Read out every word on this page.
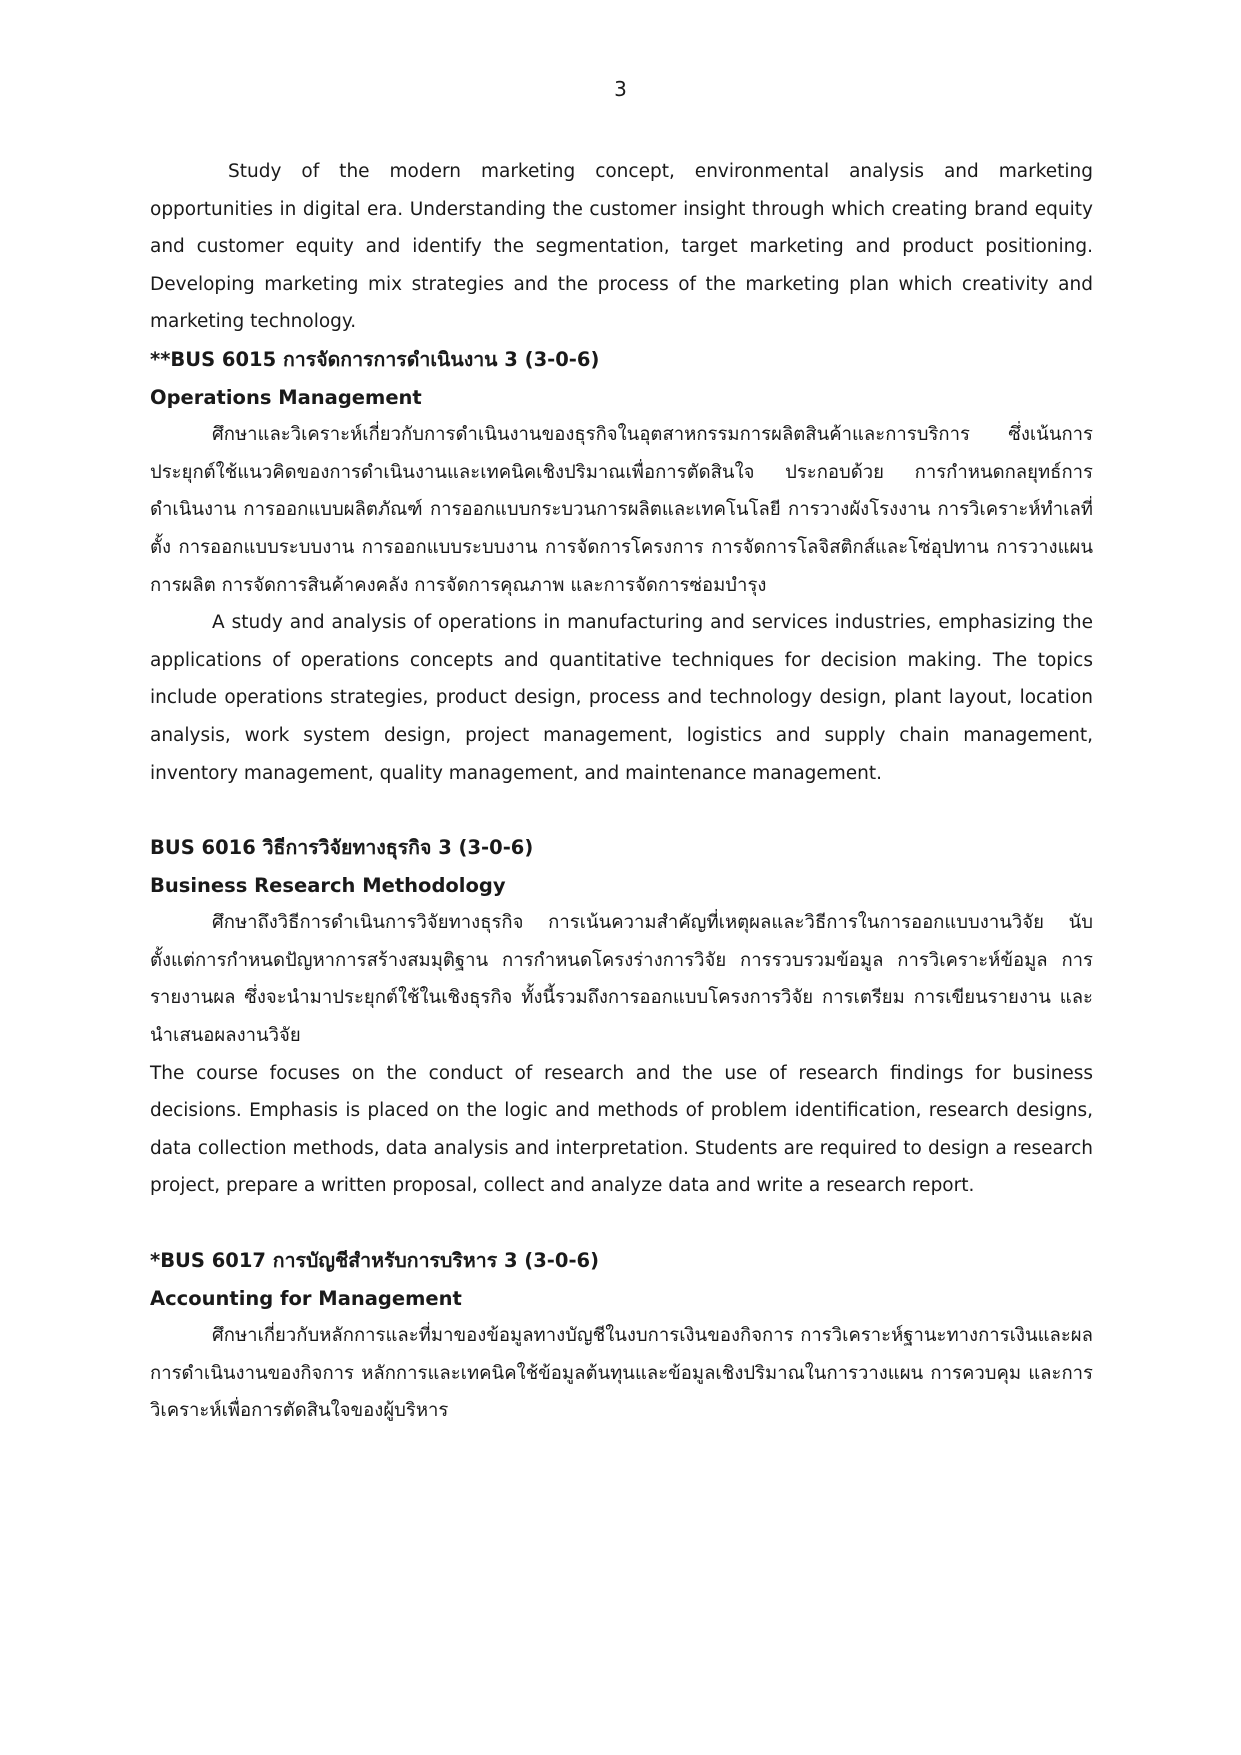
3

Study of the modern marketing concept, environmental analysis and marketing opportunities in digital era. Understanding the customer insight through which creating brand equity and customer equity and identify the segmentation, target marketing and product positioning. Developing marketing mix strategies and the process of the marketing plan which creativity and marketing technology.

**BUS 6015 การจัดการการดำเนินงาน 3 (3-0-6)

Operations Management

ศึกษาและวิเคราะห์เกี่ยวกับการดำเนินงานของธุรกิจในอุตสาหกรรมการผลิตสินค้าและการบริการ ซึ่งเน้นการประยุกต์ใช้แนวคิดของการดำเนินงานและเทคนิคเชิงปริมาณเพื่อการตัดสินใจ ประกอบด้วย การกำหนดกลยุทธ์การดำเนินงาน การออกแบบผลิตภัณฑ์ การออกแบบกระบวนการผลิตและเทคโนโลยี การวางผังโรงงาน การวิเคราะห์ทำเลที่ตั้ง การออกแบบระบบงาน การออกแบบระบบงาน การจัดการโครงการ การจัดการโลจิสติกส์และโซ่อุปทาน การวางแผนการผลิต การจัดการสินค้าคงคลัง การจัดการคุณภาพ และการจัดการซ่อมบำรุง

A study and analysis of operations in manufacturing and services industries, emphasizing the applications of operations concepts and quantitative techniques for decision making. The topics include operations strategies, product design, process and technology design, plant layout, location analysis, work system design, project management, logistics and supply chain management, inventory management, quality management, and maintenance management.

BUS 6016 วิธีการวิจัยทางธุรกิจ 3 (3-0-6)

Business Research Methodology

ศึกษาถึงวิธีการดำเนินการวิจัยทางธุรกิจ การเน้นความสำคัญที่เหตุผลและวิธีการในการออกแบบงานวิจัย นับตั้งแต่การกำหนดปัญหาการสร้างสมมุติฐาน การกำหนดโครงร่างการวิจัย การรวบรวมข้อมูล การวิเคราะห์ข้อมูล การรายงานผล ซึ่งจะนำมาประยุกต์ใช้ในเชิงธุรกิจ ทั้งนี้รวมถึงการออกแบบโครงการวิจัย การเตรียม การเขียนรายงาน และนำเสนอผลงานวิจัย

The course focuses on the conduct of research and the use of research findings for business decisions. Emphasis is placed on the logic and methods of problem identification, research designs, data collection methods, data analysis and interpretation. Students are required to design a research project, prepare a written proposal, collect and analyze data and write a research report.

*BUS 6017 การบัญชีสำหรับการบริหาร 3 (3-0-6)

Accounting for Management

ศึกษาเกี่ยวกับหลักการและที่มาของข้อมูลทางบัญชีในงบการเงินของกิจการ การวิเคราะห์ฐานะทางการเงินและผลการดำเนินงานของกิจการ หลักการและเทคนิคใช้ข้อมูลต้นทุนและข้อมูลเชิงปริมาณในการวางแผน การควบคุม และการวิเคราะห์เพื่อการตัดสินใจของผู้บริหาร
